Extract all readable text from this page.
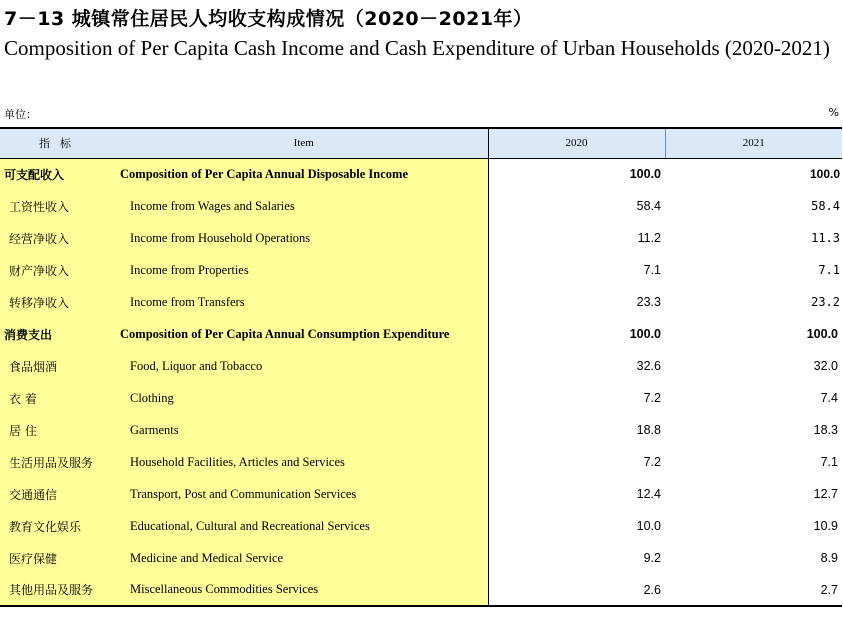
7－13 城镇常住居民人均收支构成情况（2020－2021年）
Composition of Per Capita Cash Income and Cash Expenditure of Urban Households (2020-2021)
单位：	%
指标	Item	2020	2021
可支配收入	Composition of Per Capita Annual Disposable Income	100.0	100.0
工资性收入	Income from Wages and Salaries	58.4	58.4
经营净收入	Income from Household Operations	11.2	11.3
财产净收入	Income from Properties	7.1	7.1
转移净收入	Income from Transfers	23.3	23.2
消费支出	Composition of Per Capita Annual Consumption Expenditure	100.0	100.0
食品烟酒	Food, Liquor and Tobacco	32.6	32.0
衣 着	Clothing	7.2	7.4
居 住	Garments	18.8	18.3
生活用品及服务	Household Facilities, Articles and Services	7.2	7.1
交通通信	Transport, Post and Communication Services	12.4	12.7
教育文化娱乐	Educational, Cultural and Recreational Services	10.0	10.9
医疗保健	Medicine and Medical Service	9.2	8.9
其他用品及服务	Miscellaneous Commodities Services	2.6	2.7
